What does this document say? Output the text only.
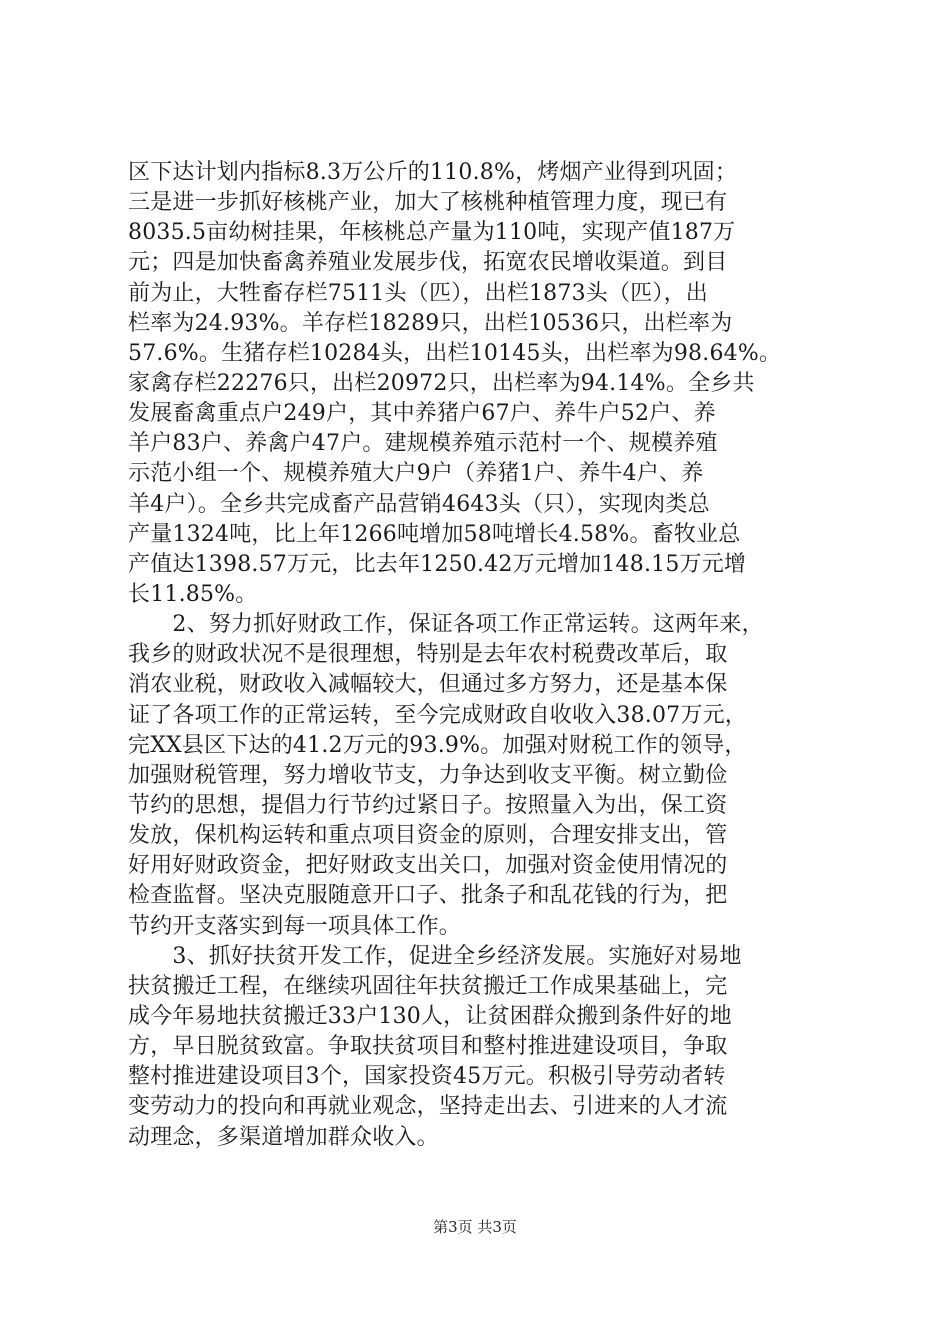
区下达计划内指标8.3万公斤的110.8%，烤烟产业得到巩固；
三是进一步抓好核桃产业，加大了核桃种植管理力度，现已有
8035.5亩幼树挂果，年核桃总产量为110吨，实现产值187万
元；四是加快畜禽养殖业发展步伐，拓宽农民增收渠道。到目
前为止，大牲畜存栏7511头（匹），出栏1873头（匹），出
栏率为24.93%。羊存栏18289只，出栏10536只，出栏率为
57.6%。生猪存栏10284头，出栏10145头，出栏率为98.64%。
家禽存栏22276只，出栏20972只，出栏率为94.14%。全乡共
发展畜禽重点户249户，其中养猪户67户、养牛户52户、养
羊户83户、养禽户47户。建规模养殖示范村一个、规模养殖
示范小组一个、规模养殖大户9户（养猪1户、养牛4户、养
羊4户）。全乡共完成畜产品营销4643头（只），实现肉类总
产量1324吨，比上年1266吨增加58吨增长4.58%。畜牧业总
产值达1398.57万元，比去年1250.42万元增加148.15万元增
长11.85%。
　　2、努力抓好财政工作，保证各项工作正常运转。这两年来，
我乡的财政状况不是很理想，特别是去年农村税费改革后，取
消农业税，财政收入减幅较大，但通过多方努力，还是基本保
证了各项工作的正常运转，至今完成财政自收收入38.07万元，
完XX县区下达的41.2万元的93.9%。加强对财税工作的领导，
加强财税管理，努力增收节支，力争达到收支平衡。树立勤俭
节约的思想，提倡力行节约过紧日子。按照量入为出，保工资
发放，保机构运转和重点项目资金的原则，合理安排支出，管
好用好财政资金，把好财政支出关口，加强对资金使用情况的
检查监督。坚决克服随意开口子、批条子和乱花钱的行为，把
节约开支落实到每一项具体工作。
　　3、抓好扶贫开发工作，促进全乡经济发展。实施好对易地
扶贫搬迁工程，在继续巩固往年扶贫搬迁工作成果基础上，完
成今年易地扶贫搬迁33户130人，让贫困群众搬到条件好的地
方，早日脱贫致富。争取扶贫项目和整村推进建设项目，争取
整村推进建设项目3个，国家投资45万元。积极引导劳动者转
变劳动力的投向和再就业观念，坚持走出去、引进来的人才流
动理念，多渠道增加群众收入。
第3页 共3页
